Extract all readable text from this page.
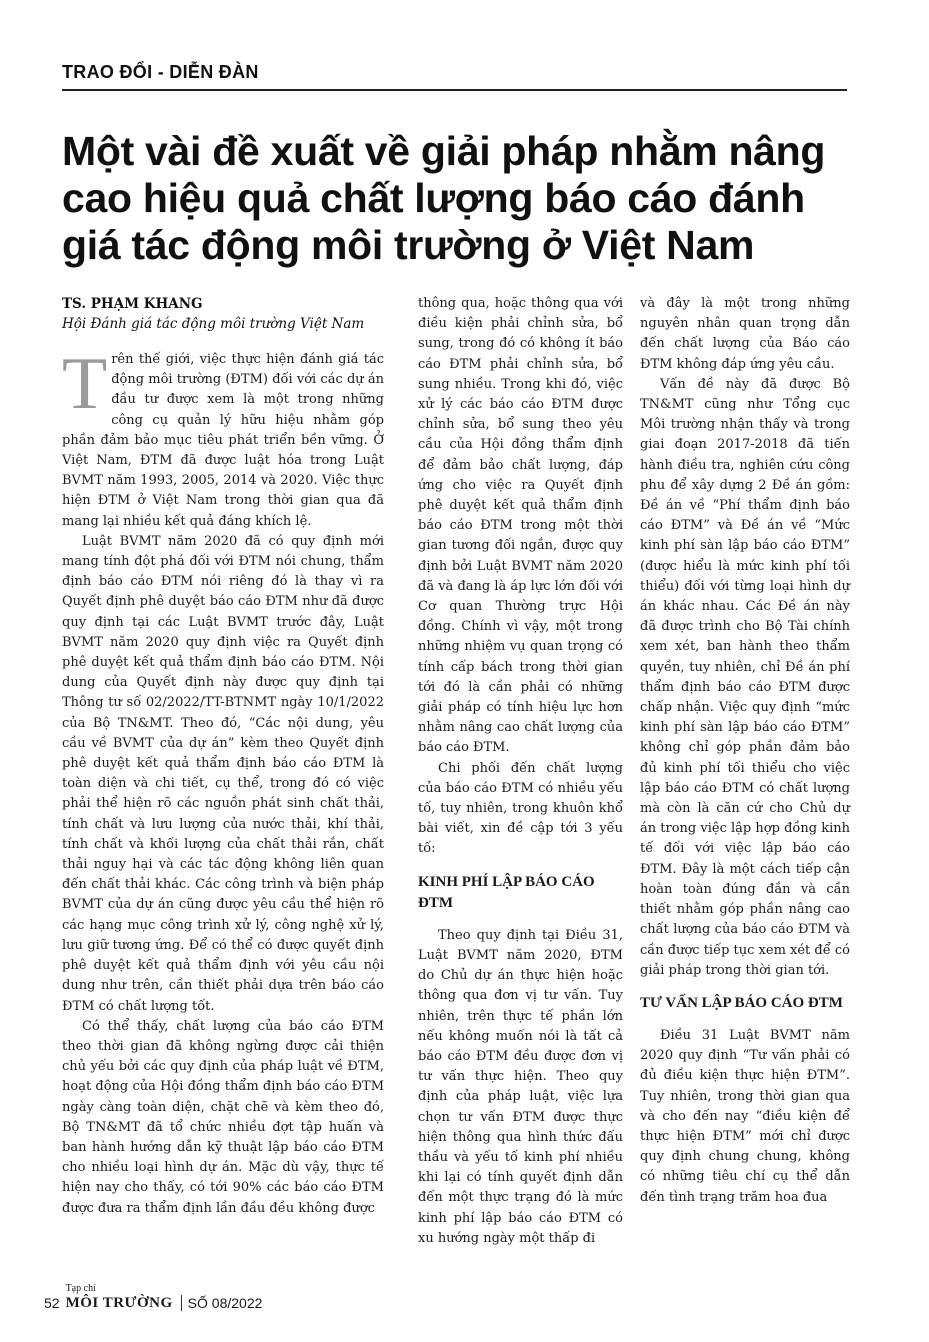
TRAO ĐỔI - DIỄN ĐÀN
Một vài đề xuất về giải pháp nhằm nâng cao hiệu quả chất lượng báo cáo đánh giá tác động môi trường ở Việt Nam
TS. PHẠM KHANG
Hội Đánh giá tác động môi trường Việt Nam

Trên thế giới, việc thực hiện đánh giá tác động môi trường (ĐTM) đối với các dự án đầu tư được xem là một trong những công cụ quản lý hữu hiệu nhằm góp phần đảm bảo mục tiêu phát triển bền vững. Ở Việt Nam, ĐTM đã được luật hóa trong Luật BVMT năm 1993, 2005, 2014 và 2020. Việc thực hiện ĐTM ở Việt Nam trong thời gian qua đã mang lại nhiều kết quả đáng khích lệ.

Luật BVMT năm 2020 đã có quy định mới mang tính đột phá đối với ĐTM nói chung, thẩm định báo cáo ĐTM nói riêng đó là thay vì ra Quyết định phê duyệt báo cáo ĐTM như đã được quy định tại các Luật BVMT trước đây, Luật BVMT năm 2020 quy định việc ra Quyết định phê duyệt kết quả thẩm định báo cáo ĐTM. Nội dung của Quyết định này được quy định tại Thông tư số 02/2022/TT-BTNMT ngày 10/1/2022 của Bộ TN&MT. Theo đó, “Các nội dung, yêu cầu về BVMT của dự án” kèm theo Quyết định phê duyệt kết quả thẩm định báo cáo ĐTM là toàn diện và chi tiết, cụ thể, trong đó có việc phải thể hiện rõ các nguồn phát sinh chất thải, tính chất và lưu lượng của nước thải, khí thải, tính chất và khối lượng của chất thải rắn, chất thải nguy hại và các tác động không liên quan đến chất thải khác. Các công trình và biện pháp BVMT của dự án cũng được yêu cầu thể hiện rõ các hạng mục công trình xử lý, công nghệ xử lý, lưu giữ tương ứng. Để có thể có được quyết định phê duyệt kết quả thẩm định với yêu cầu nội dung như trên, cần thiết phải dựa trên báo cáo ĐTM có chất lượng tốt.

Có thể thấy, chất lượng của báo cáo ĐTM theo thời gian đã không ngừng được cải thiện chủ yếu bởi các quy định của pháp luật về ĐTM, hoạt động của Hội đồng thẩm định báo cáo ĐTM ngày càng toàn diện, chặt chẽ và kèm theo đó, Bộ TN&MT đã tổ chức nhiều đợt tập huấn và ban hành hướng dẫn kỹ thuật lập báo cáo ĐTM cho nhiều loại hình dự án. Mặc dù vậy, thực tế hiện nay cho thấy, có tới 90% các báo cáo ĐTM được đưa ra thẩm định lần đầu đều không được

thông qua, hoặc thông qua với điều kiện phải chỉnh sửa, bổ sung, trong đó có không ít báo cáo ĐTM phải chỉnh sửa, bổ sung nhiều. Trong khi đó, việc xử lý các báo cáo ĐTM được chỉnh sửa, bổ sung theo yêu cầu của Hội đồng thẩm định để đảm bảo chất lượng, đáp ứng cho việc ra Quyết định phê duyệt kết quả thẩm định báo cáo ĐTM trong một thời gian tương đối ngắn, được quy định bởi Luật BVMT năm 2020 đã và đang là áp lực lớn đối với Cơ quan Thường trực Hội đồng. Chính vì vậy, một trong những nhiệm vụ quan trọng có tính cấp bách trong thời gian tới đó là cần phải có những giải pháp có tính hiệu lực hơn nhằm nâng cao chất lượng của báo cáo ĐTM.

Chi phối đến chất lượng của báo cáo ĐTM có nhiều yếu tố, tuy nhiên, trong khuôn khổ bài viết, xin đề cập tới 3 yếu tố:

KINH PHÍ LẬP BÁO CÁO ĐTM

Theo quy định tại Điều 31, Luật BVMT năm 2020, ĐTM do Chủ dự án thực hiện hoặc thông qua đơn vị tư vấn. Tuy nhiên, trên thực tế phần lớn nếu không muốn nói là tất cả báo cáo ĐTM đều được đơn vị tư vấn thực hiện. Theo quy định của pháp luật, việc lựa chọn tư vấn ĐTM được thực hiện thông qua hình thức đấu thầu và yếu tố kinh phí nhiều khi lại có tính quyết định dẫn đến một thực trạng đó là mức kinh phí lập báo cáo ĐTM có xu hướng ngày một thấp đi

và đây là một trong những nguyên nhân quan trọng dẫn đến chất lượng của Báo cáo ĐTM không đáp ứng yêu cầu.

Vấn đề này đã được Bộ TN&MT cũng như Tổng cục Môi trường nhận thấy và trong giai đoạn 2017-2018 đã tiến hành điều tra, nghiên cứu công phu để xây dựng 2 Đề án gồm: Đề án về “Phí thẩm định báo cáo ĐTM” và Đề án về “Mức kinh phí sàn lập báo cáo ĐTM” (được hiểu là mức kinh phí tối thiểu) đối với từng loại hình dự án khác nhau. Các Đề án này đã được trình cho Bộ Tài chính xem xét, ban hành theo thẩm quyền, tuy nhiên, chỉ Đề án phí thẩm định báo cáo ĐTM được chấp nhận. Việc quy định “mức kinh phí sàn lập báo cáo ĐTM” không chỉ góp phần đảm bảo đủ kinh phí tối thiểu cho việc lập báo cáo ĐTM có chất lượng mà còn là căn cứ cho Chủ dự án trong việc lập hợp đồng kinh tế đối với việc lập báo cáo ĐTM. Đây là một cách tiếp cận hoàn toàn đúng đắn và cần thiết nhằm góp phần nâng cao chất lượng của báo cáo ĐTM và cần được tiếp tục xem xét để có giải pháp trong thời gian tới.

TƯ VẤN LẬP BÁO CÁO ĐTM

Điều 31 Luật BVMT năm 2020 quy định “Tư vấn phải có đủ điều kiện thực hiện ĐTM”. Tuy nhiên, trong thời gian qua và cho đến nay “điều kiện để thực hiện ĐTM” mới chỉ được quy định chung chung, không có những tiêu chí cụ thể dẫn đến tình trạng trăm hoa đua

52
Tạp chí
MÔI TRƯỜNG SỐ 08/2022
